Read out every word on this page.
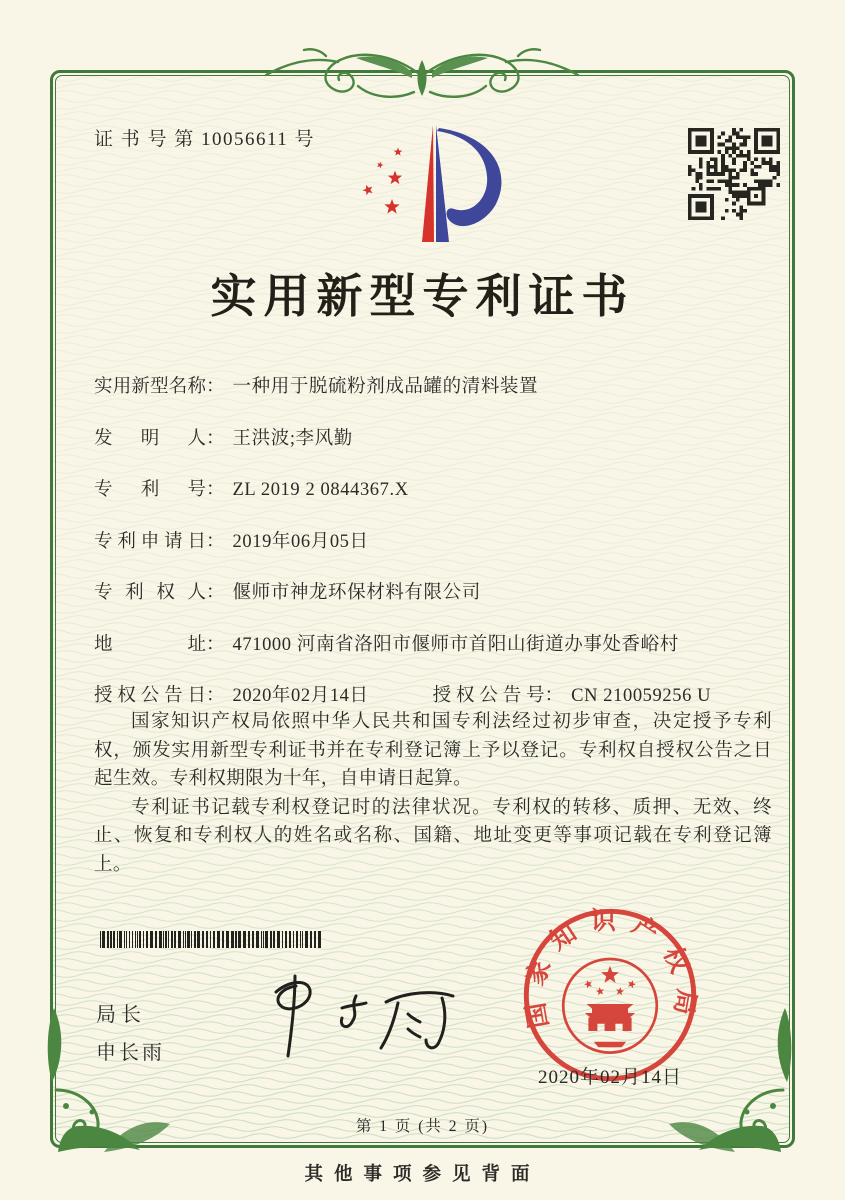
证 书 号 第 10056611 号
实用新型专利证书
实用新型名称 ： 一种用于脱硫粉剂成品罐的清料装置
发明人 ： 王洪波;李风勤
专利号 ： ZL 2019 2 0844367.X
专利申请日 ： 2019年06月05日
专利权人 ： 偃师市神龙环保材料有限公司
地址 ： 471000 河南省洛阳市偃师市首阳山街道办事处香峪村
授权公告日 ： 2020年02月14日	授权公告号 ： CN 210059256 U

国家知识产权局依照中华人民共和国专利法经过初步审查，决定授予专利权，颁发实用新型专利证书并在专利登记簿上予以登记。专利权自授权公告之日起生效。专利权期限为十年，自申请日起算。

专利证书记载专利权登记时的法律状况。专利权的转移、质押、无效、终止、恢复和专利权人的姓名或名称、国籍、地址变更等事项记载在专利登记簿上。

局长
申长雨
国家知识产权局
2020年02月14日
第 1 页 (共 2 页)
其他事项参见背面
